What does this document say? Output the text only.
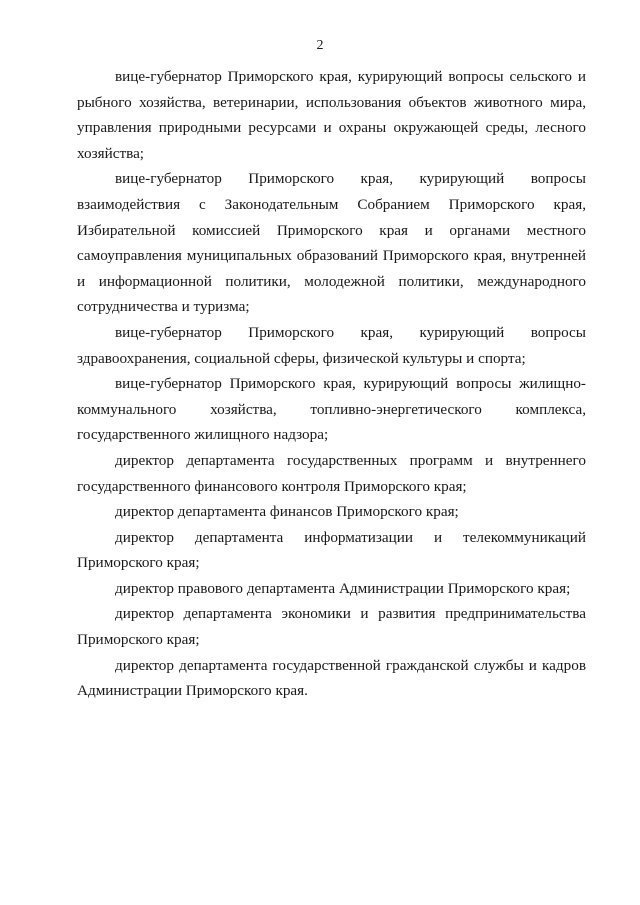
2

вице-губернатор Приморского края, курирующий вопросы сельского и рыбного хозяйства, ветеринарии, использования объектов животного мира, управления природными ресурсами и охраны окружающей среды, лесного хозяйства;

вице-губернатор Приморского края, курирующий вопросы взаимодействия с Законодательным Собранием Приморского края, Избирательной комиссией Приморского края и органами местного самоуправления муниципальных образований Приморского края, внутренней и информационной политики, молодежной политики, международного сотрудничества и туризма;

вице-губернатор Приморского края, курирующий вопросы здравоохранения, социальной сферы, физической культуры и спорта;

вице-губернатор Приморского края, курирующий вопросы жилищно-коммунального хозяйства, топливно-энергетического комплекса, государственного жилищного надзора;

директор департамента государственных программ и внутреннего государственного финансового контроля Приморского края;

директор департамента финансов Приморского края;

директор департамента информатизации и телекоммуникаций Приморского края;

директор правового департамента Администрации Приморского края;

директор департамента экономики и развития предпринимательства Приморского края;

директор департамента государственной гражданской службы и кадров Администрации Приморского края.
